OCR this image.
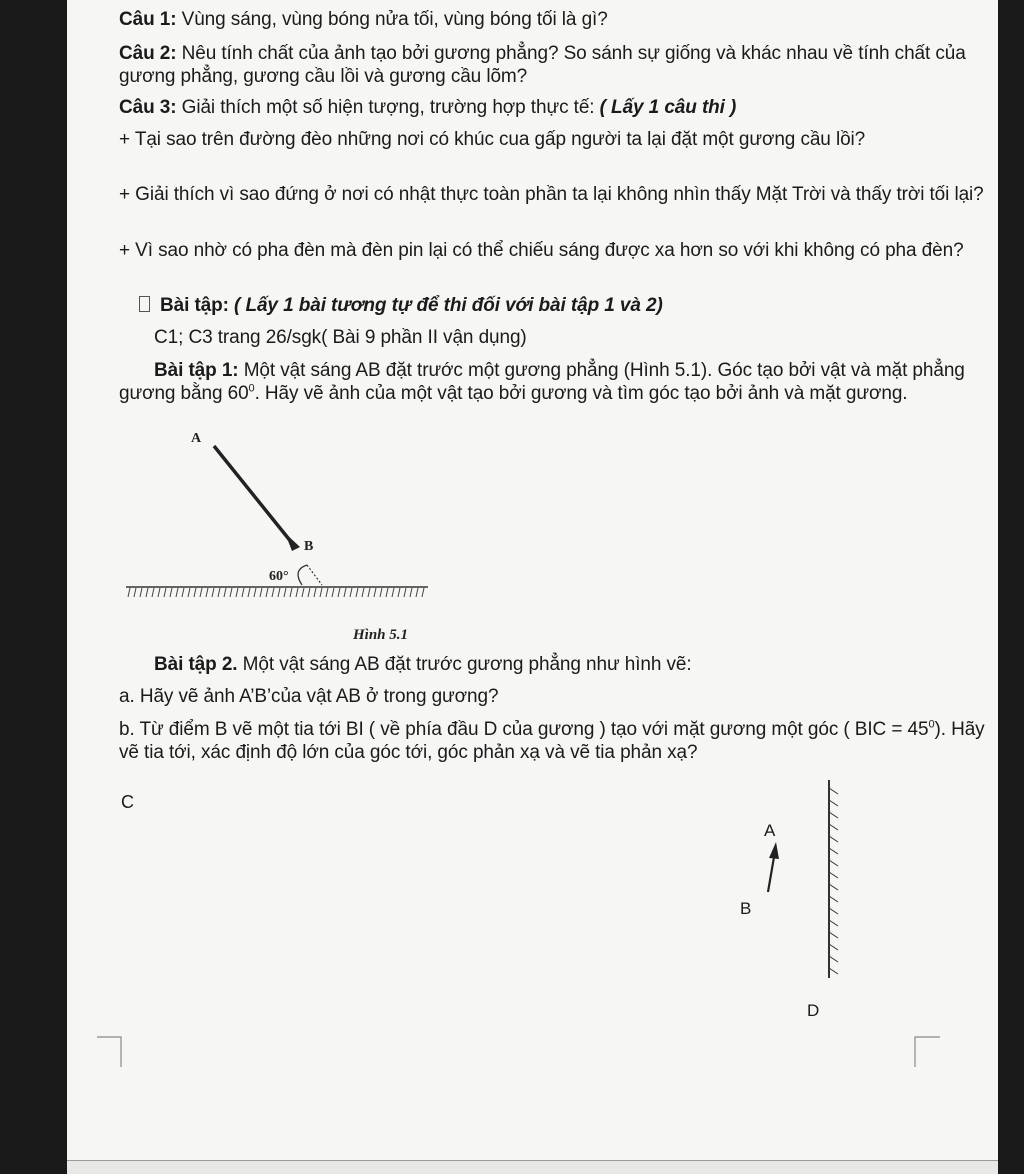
Câu 1: Vùng sáng, vùng bóng nửa tối, vùng bóng tối là gì?

Câu 2: Nêu tính chất của ảnh tạo bởi gương phẳng? So sánh sự giống và khác nhau về tính chất của gương phẳng, gương cầu lồi và gương cầu lõm?

Câu 3: Giải thích một số hiện tượng, trường hợp thực tế: ( Lấy 1 câu thi )

+ Tại sao trên đường đèo những nơi có khúc cua gấp người ta lại đặt một gương cầu lồi?

+ Giải thích vì sao đứng ở nơi có nhật thực toàn phần ta lại không nhìn thấy Mặt Trời và thấy trời tối lại?

+ Vì sao nhờ có pha đèn mà đèn pin lại có thể chiếu sáng được xa hơn so với khi không có pha đèn?

Bài tập: ( Lấy 1 bài tương tự để thi đối với bài tập 1 và 2)

C1; C3 trang 26/sgk( Bài 9 phần II vận dụng)

Bài tập 1: Một vật sáng AB đặt trước một gương phẳng (Hình 5.1). Góc tạo bởi vật và mặt phẳng gương bằng $60^0$. Hãy vẽ ảnh của một vật tạo bởi gương và tìm góc tạo bởi ảnh và mặt gương.

A
B
60°
Hình 5.1

Bài tập 2. Một vật sáng AB đặt trước gương phẳng như hình vẽ:

a. Hãy vẽ ảnh A’B’của vật AB ở trong gương?

b. Từ điểm B vẽ một tia tới BI ( về phía đầu D của gương ) tạo với mặt gương một góc ( BIC = $45^0$). Hãy vẽ tia tới, xác định độ lớn của góc tới, góc phản xạ và vẽ tia phản xạ?

C
A
B
D
